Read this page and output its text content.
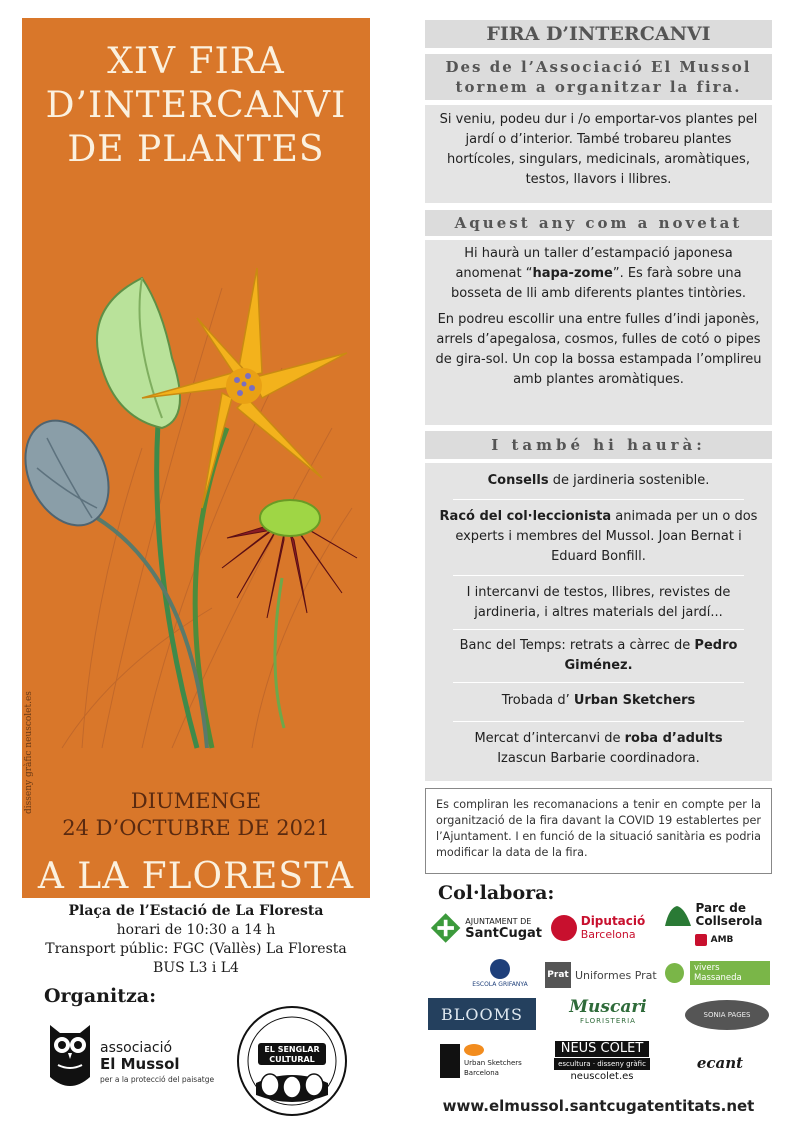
XIV FIRA
D’INTERCANVI
DE PLANTES
DIUMENGE
24 D’OCTUBRE DE 2021
A LA FLORESTA
disseny gràfic neuscolet.es
Plaça de l’Estació de La Floresta
horari de 10:30 a 14 h
Transport públic: FGC (Vallès) La Floresta
BUS L3 i L4
Organitza:
associació
El Mussol
per a la protecció del paisatge
EL SENGLAR
CULTURAL
FIRA D’INTERCANVI
Des de l’Associació El Mussol
tornem a organitzar la fira.

Si veniu, podeu dur i /o emportar-vos plantes pel jardí o d’interior. També trobareu plantes hortícoles, singulars, medicinals, aromàtiques, testos, llavors i llibres.

Aquest any com a novetat

Hi haurà un taller d’estampació japonesa anomenat “hapa-zome”. Es farà sobre una bosseta de lli amb diferents plantes tintòries.

En podreu escollir una entre fulles d’indi japonès, arrels d’apegalosa, cosmos, fulles de cotó o pipes de gira-sol. Un cop la bossa estampada l’omplireu amb plantes aromàtiques.

I també hi haurà:

Consells de jardineria sostenible.

Racó del col·leccionista animada per un o dos experts i membres del Mussol. Joan Bernat i Eduard Bonfill.

I intercanvi de testos, llibres, revistes de jardineria, i altres materials del jardí...

Banc del Temps: retrats a càrrec de Pedro Giménez.

Trobada d’ Urban Sketchers

Mercat d’intercanvi de roba d’adults

Izascun Barbarie coordinadora.

Es compliran les recomanacions a tenir en compte per la organització de la fira davant la COVID 19 establertes per l’Ajuntament. I en funció de la situació sanitària es podria modificar la data de la fira.
Col·labora:
AJUNTAMENT DE
SantCugat
Diputació
Barcelona
Parc de
Collserola
AMB
ESCOLA GRIFANYA
Prat Uniformes Prat
vivers Massaneda
BLOOMS	Muscari
FLORISTERIA
SONIA PAGES
Urban Sketchers
Barcelona
NEUS COLET
escultura · disseny gràfic
neuscolet.es
ecant
www.elmussol.santcugatentitats.net
